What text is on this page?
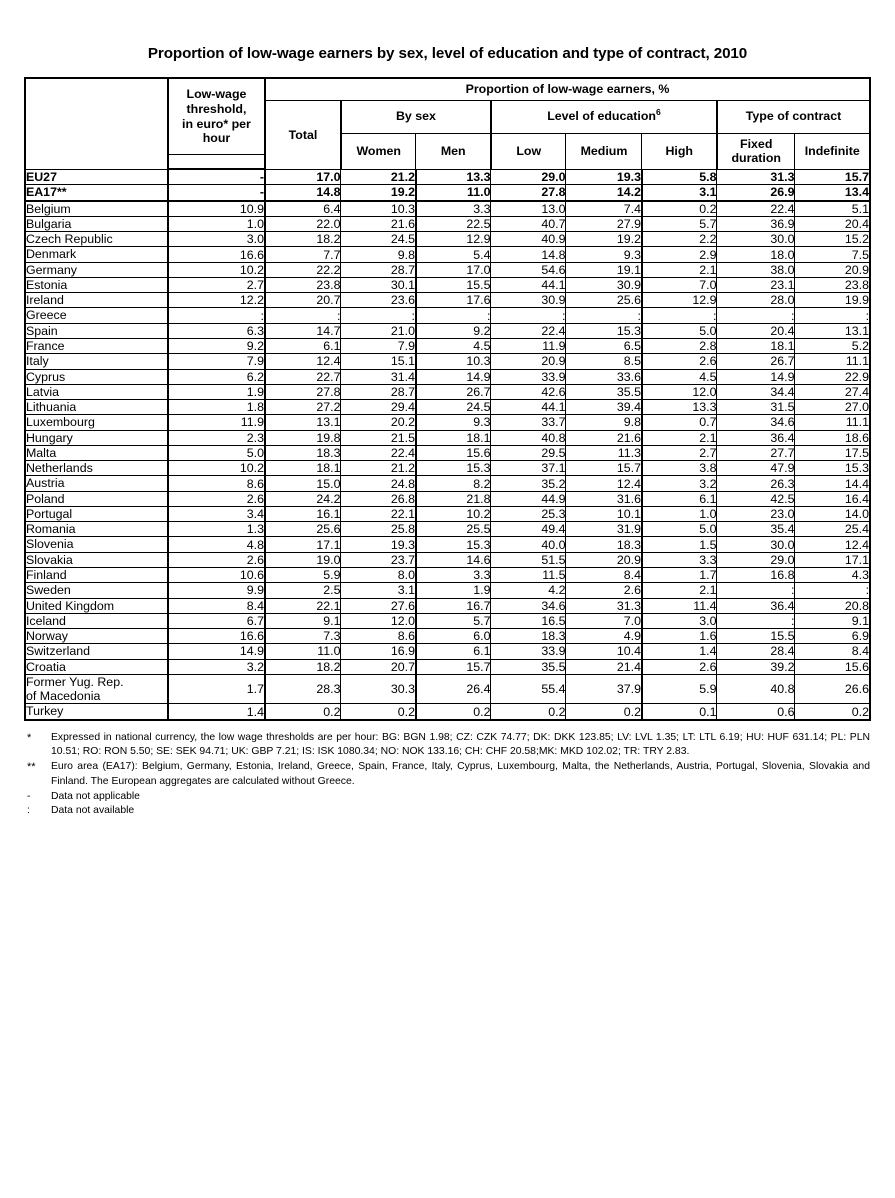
Proportion of low-wage earners by sex, level of education and type of contract, 2010
	Low-wage
threshold,
in euro* per
hour	Proportion of low-wage earners, %							
		Total	By sex		Level of education$^6$			Type of contract	
			Women	Men	Low	Medium	High	Fixed
duration	Indefinite

EU27	-	17.0	21.2	13.3	29.0	19.3	5.8	31.3	15.7
EA17**	-	14.8	19.2	11.0	27.8	14.2	3.1	26.9	13.4
Belgium	10.9	6.4	10.3	3.3	13.0	7.4	0.2	22.4	5.1
Bulgaria	1.0	22.0	21.6	22.5	40.7	27.9	5.7	36.9	20.4
Czech Republic	3.0	18.2	24.5	12.9	40.9	19.2	2.2	30.0	15.2
Denmark	16.6	7.7	9.8	5.4	14.8	9.3	2.9	18.0	7.5
Germany	10.2	22.2	28.7	17.0	54.6	19.1	2.1	38.0	20.9
Estonia	2.7	23.8	30.1	15.5	44.1	30.9	7.0	23.1	23.8
Ireland	12.2	20.7	23.6	17.6	30.9	25.6	12.9	28.0	19.9
Greece	:	:	:	:	:	:	:	:	:
Spain	6.3	14.7	21.0	9.2	22.4	15.3	5.0	20.4	13.1
France	9.2	6.1	7.9	4.5	11.9	6.5	2.8	18.1	5.2
Italy	7.9	12.4	15.1	10.3	20.9	8.5	2.6	26.7	11.1
Cyprus	6.2	22.7	31.4	14.9	33.9	33.6	4.5	14.9	22.9
Latvia	1.9	27.8	28.7	26.7	42.6	35.5	12.0	34.4	27.4
Lithuania	1.8	27.2	29.4	24.5	44.1	39.4	13.3	31.5	27.0
Luxembourg	11.9	13.1	20.2	9.3	33.7	9.8	0.7	34.6	11.1
Hungary	2.3	19.8	21.5	18.1	40.8	21.6	2.1	36.4	18.6
Malta	5.0	18.3	22.4	15.6	29.5	11.3	2.7	27.7	17.5
Netherlands	10.2	18.1	21.2	15.3	37.1	15.7	3.8	47.9	15.3
Austria	8.6	15.0	24.8	8.2	35.2	12.4	3.2	26.3	14.4
Poland	2.6	24.2	26.8	21.8	44.9	31.6	6.1	42.5	16.4
Portugal	3.4	16.1	22.1	10.2	25.3	10.1	1.0	23.0	14.0
Romania	1.3	25.6	25.8	25.5	49.4	31.9	5.0	35.4	25.4
Slovenia	4.8	17.1	19.3	15.3	40.0	18.3	1.5	30.0	12.4
Slovakia	2.6	19.0	23.7	14.6	51.5	20.9	3.3	29.0	17.1
Finland	10.6	5.9	8.0	3.3	11.5	8.4	1.7	16.8	4.3
Sweden	9.9	2.5	3.1	1.9	4.2	2.6	2.1	:	:
United Kingdom	8.4	22.1	27.6	16.7	34.6	31.3	11.4	36.4	20.8
Iceland	6.7	9.1	12.0	5.7	16.5	7.0	3.0	:	9.1
Norway	16.6	7.3	8.6	6.0	18.3	4.9	1.6	15.5	6.9
Switzerland	14.9	11.0	16.9	6.1	33.9	10.4	1.4	28.4	8.4
Croatia	3.2	18.2	20.7	15.7	35.5	21.4	2.6	39.2	15.6
Former Yug. Rep.
of Macedonia	1.7	28.3	30.3	26.4	55.4	37.9	5.9	40.8	26.6
Turkey	1.4	0.2	0.2	0.2	0.2	0.2	0.1	0.6	0.2
*	Expressed in national currency, the low wage thresholds are per hour: BG: BGN 1.98; CZ: CZK 74.77; DK: DKK 123.85; LV: LVL 1.35; LT: LTL 6.19; HU: HUF 631.14; PL: PLN 10.51; RO: RON 5.50; SE: SEK 94.71; UK: GBP 7.21; IS: ISK 1080.34; NO: NOK 133.16; CH: CHF 20.58;MK: MKD 102.02; TR: TRY 2.83.
**	Euro area (EA17): Belgium, Germany, Estonia, Ireland, Greece, Spain, France, Italy, Cyprus, Luxembourg, Malta, the Netherlands, Austria, Portugal, Slovenia, Slovakia and Finland. The European aggregates are calculated without Greece.
-	Data not applicable
:	Data not available
